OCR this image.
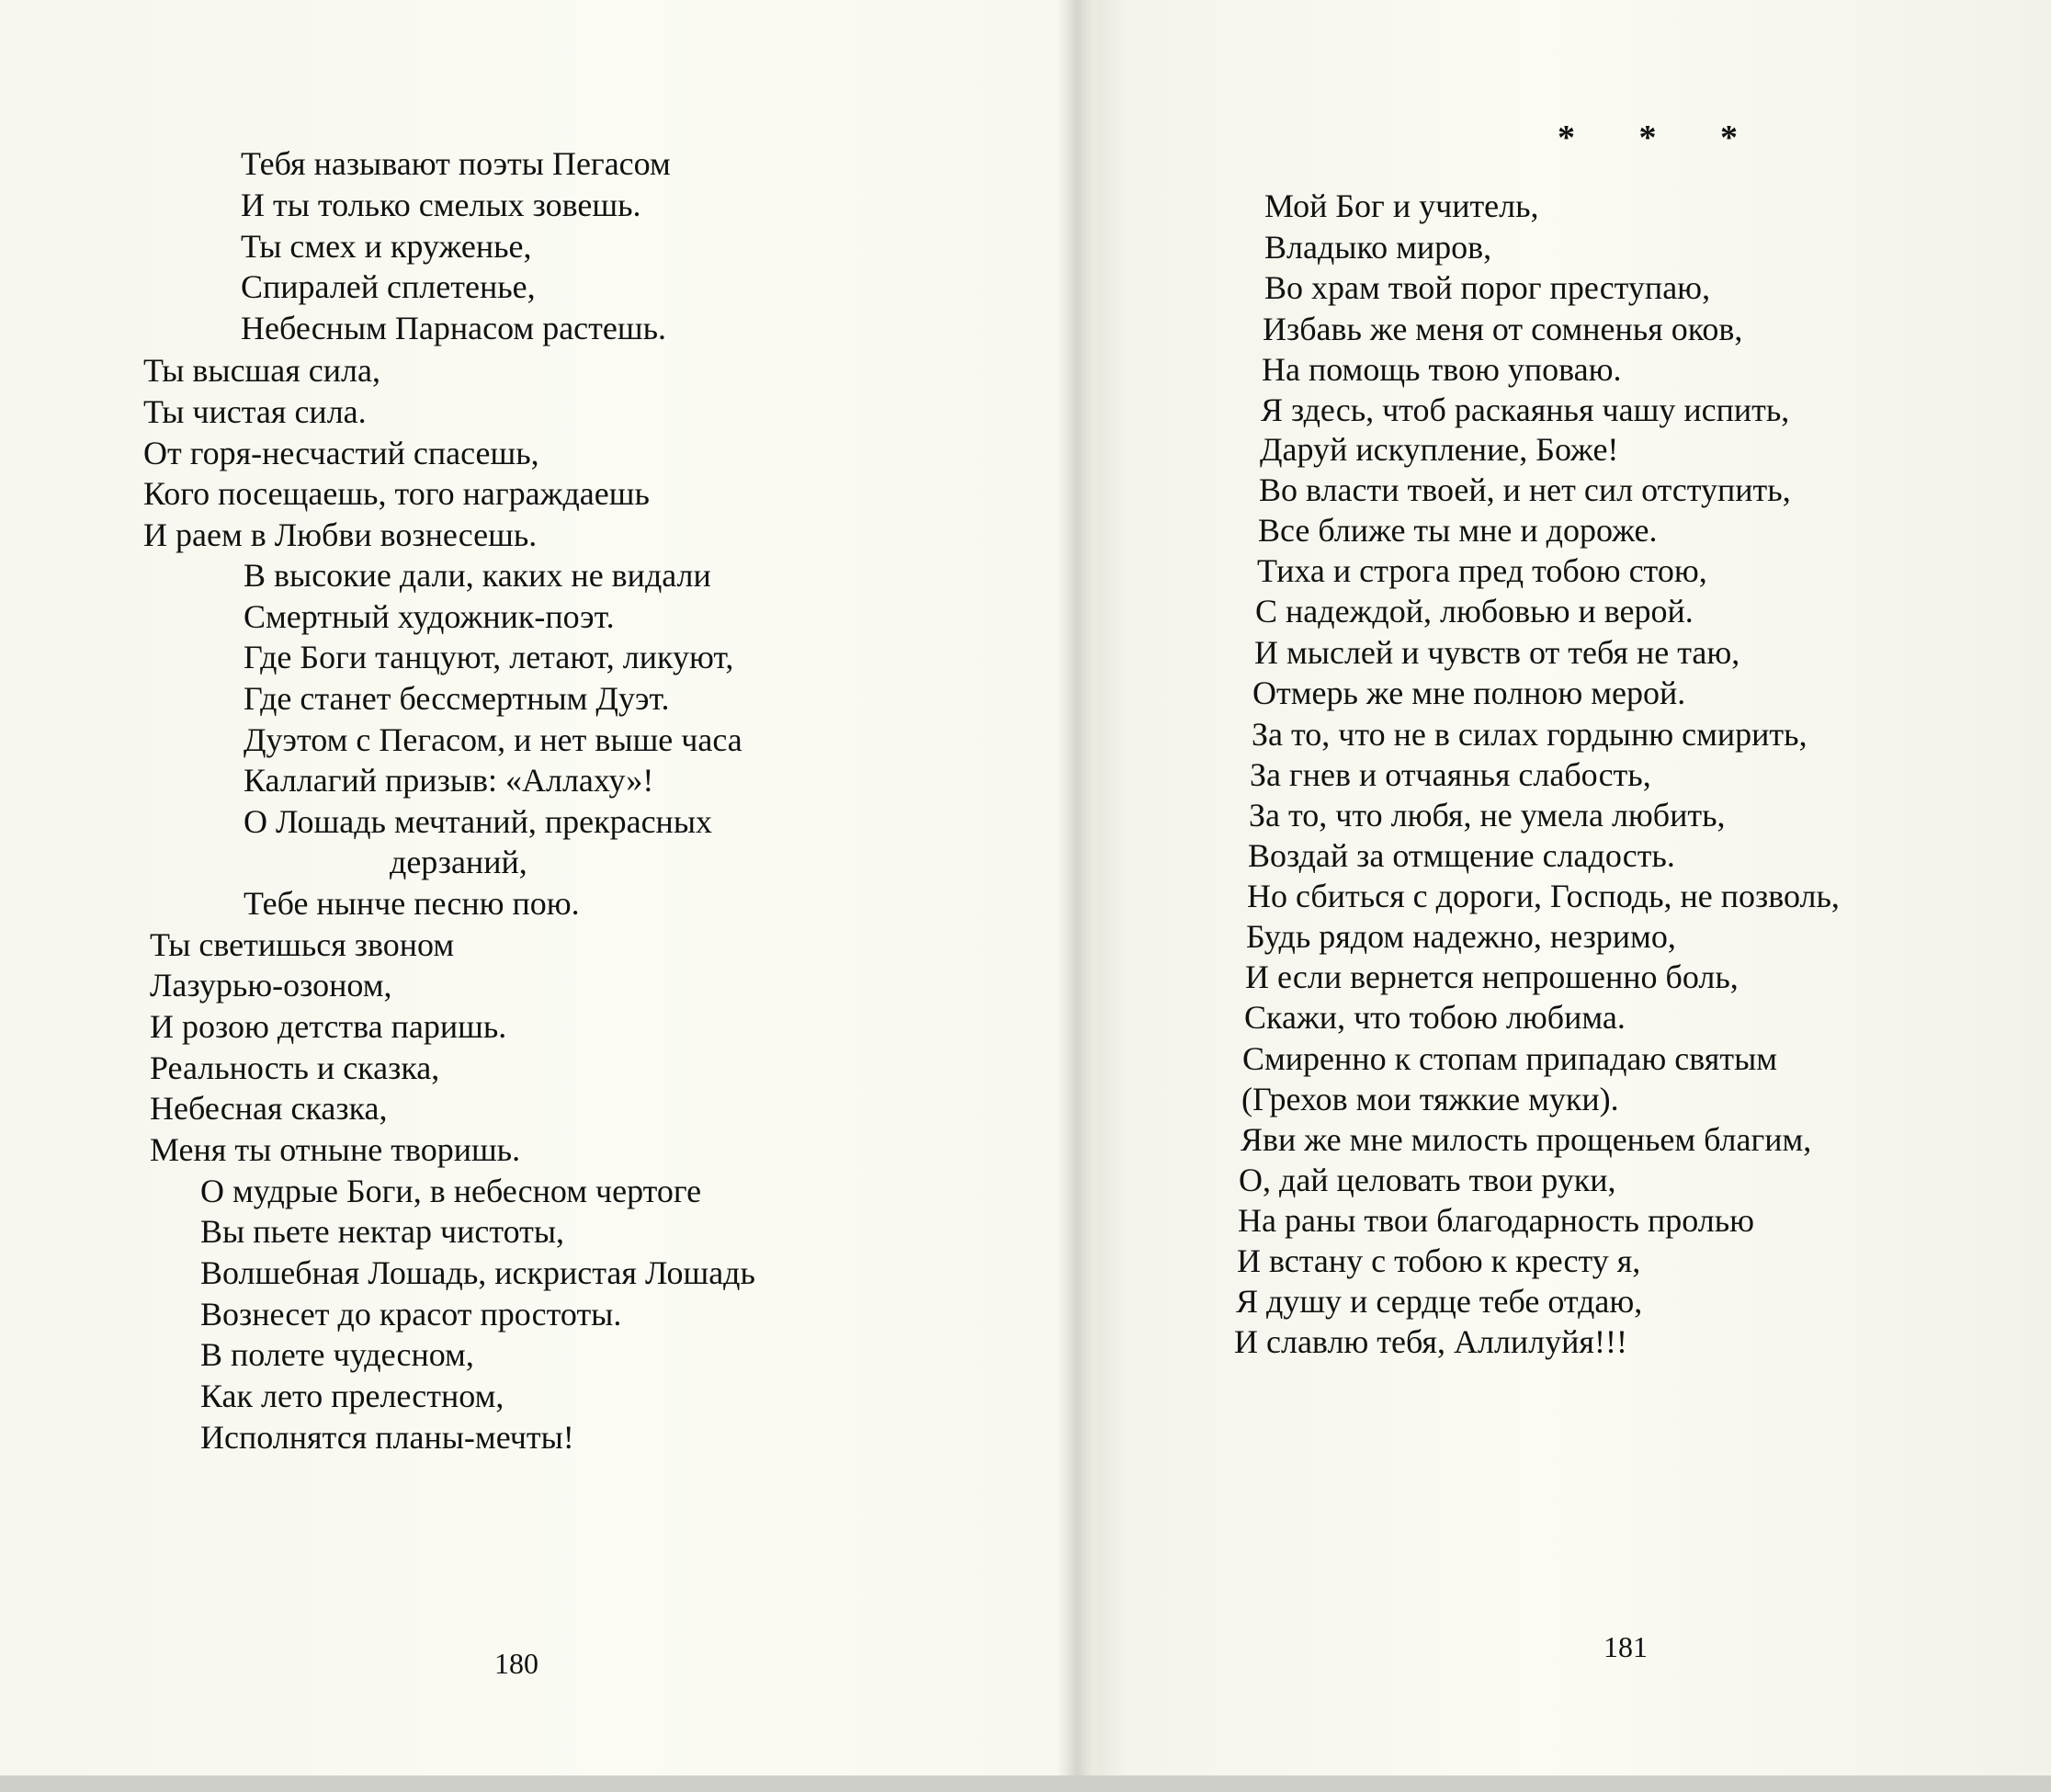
Тебя называют поэты Пегасом
И ты только смелых зовешь.
Ты смех и круженье,
Спиралей сплетенье,
Небесным Парнасом растешь.
Ты высшая сила,
Ты чистая сила.
От горя-несчастий спасешь,
Кого посещаешь, того награждаешь
И раем в Любви вознесешь.
В высокие дали, каких не видали
Смертный художник-поэт.
Где Боги танцуют, летают, ликуют,
Где станет бессмертным Дуэт.
Дуэтом с Пегасом, и нет выше часа
Каллагий призыв: «Аллаху»!
О Лошадь мечтаний, прекрасных
дерзаний,
Тебе нынче песню пою.
Ты светишься звоном
Лазурью-озоном,
И розою детства паришь.
Реальность и сказка,
Небесная сказка,
Меня ты отныне творишь.
О мудрые Боги, в небесном чертоге
Вы пьете нектар чистоты,
Волшебная Лошадь, искристая Лошадь
Вознесет до красот простоты.
В полете чудесном,
Как лето прелестном,
Исполнятся планы-мечты!
180
* * *
Мой Бог и учитель,
Владыко миров,
Во храм твой порог преступаю,
Избавь же меня от сомненья оков,
На помощь твою уповаю.
Я здесь, чтоб раскаянья чашу испить,
Даруй искупление, Боже!
Во власти твоей, и нет сил отступить,
Все ближе ты мне и дороже.
Тиха и строга пред тобою стою,
С надеждой, любовью и верой.
И мыслей и чувств от тебя не таю,
Отмерь же мне полною мерой.
За то, что не в силах гордыню смирить,
За гнев и отчаянья слабость,
За то, что любя, не умела любить,
Воздай за отмщение сладость.
Но сбиться с дороги, Господь, не позволь,
Будь рядом надежно, незримо,
И если вернется непрошенно боль,
Скажи, что тобою любима.
Смиренно к стопам припадаю святым
(Грехов мои тяжкие муки).
Яви же мне милость прощеньем благим,
О, дай целовать твои руки,
На раны твои благодарность пролью
И встану с тобою к кресту я,
Я душу и сердце тебе отдаю,
И славлю тебя, Аллилуйя!!!
181
